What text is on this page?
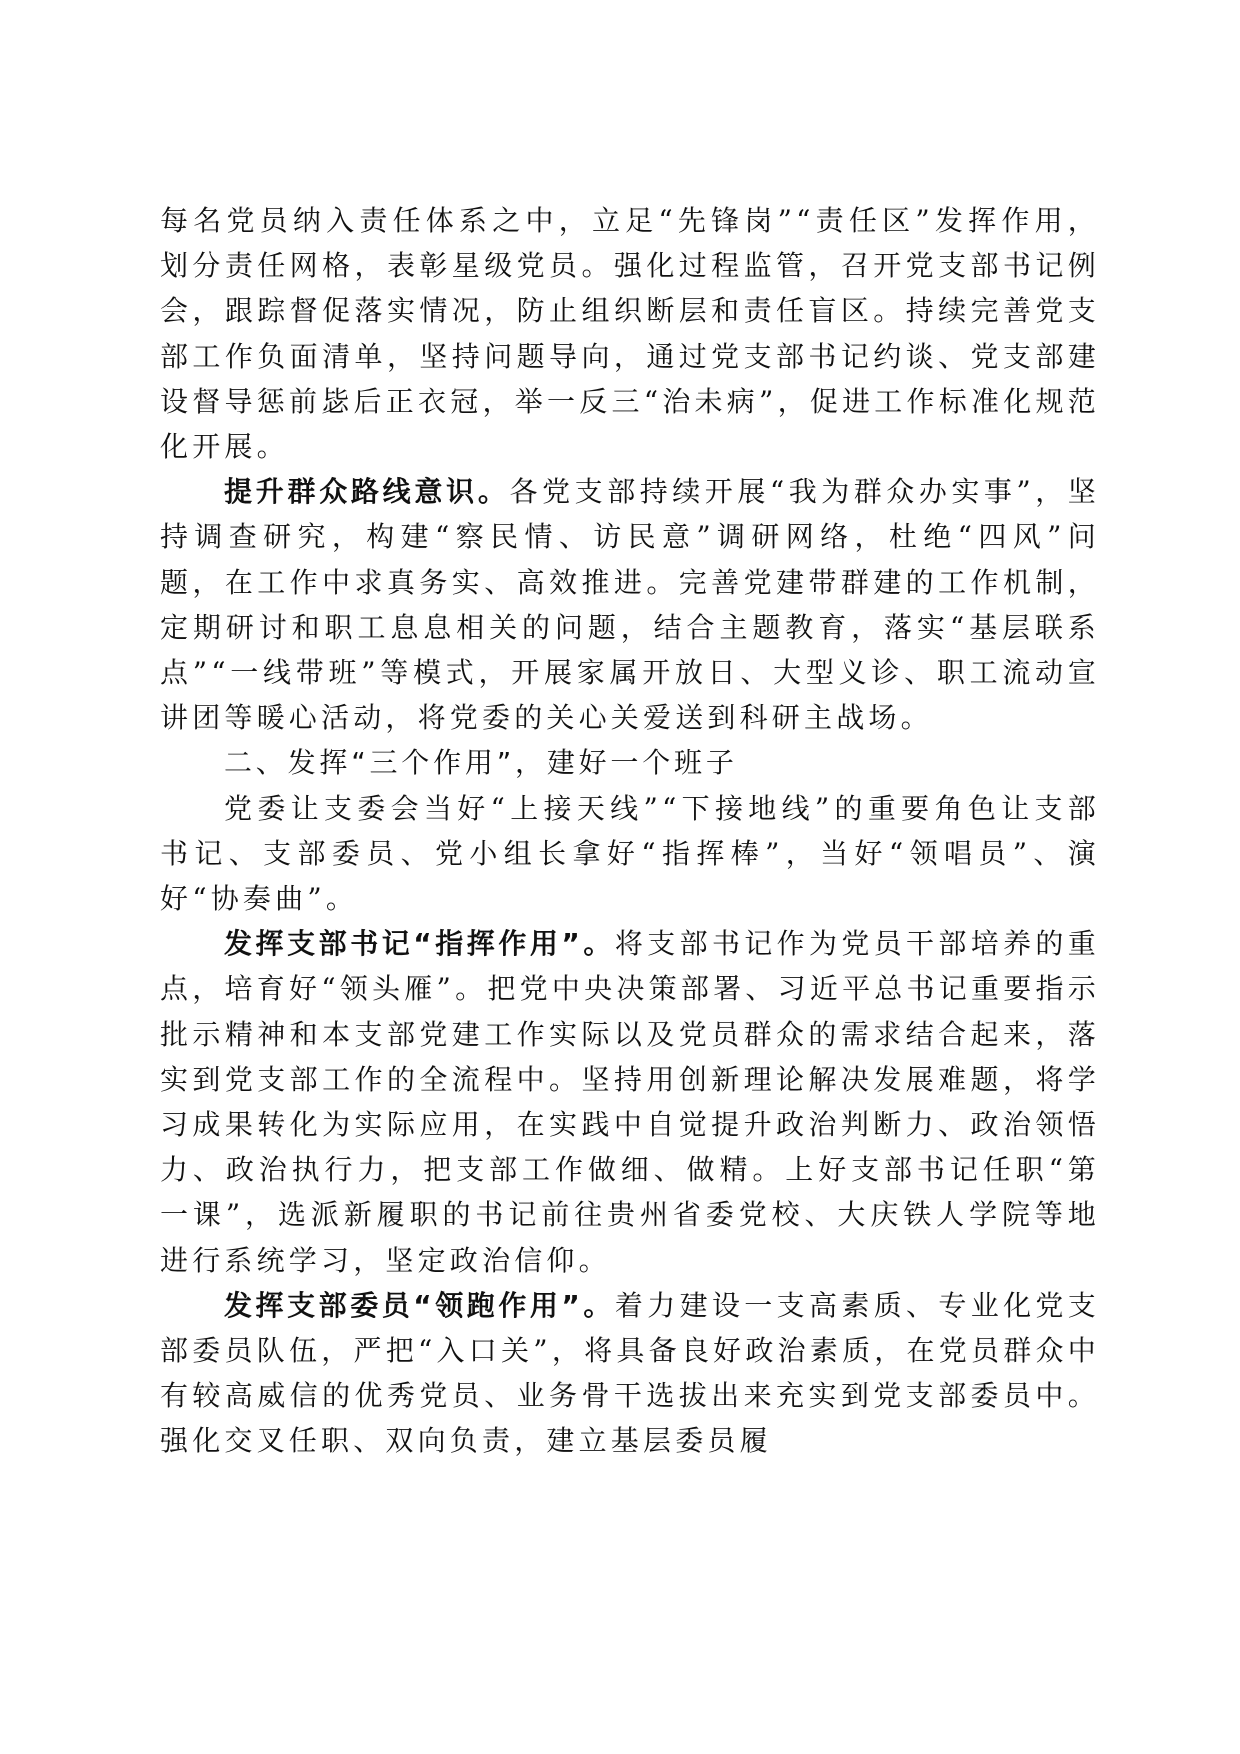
每名党员纳入责任体系之中，立足“先锋岗”“责任区”发挥作用，划分责任网格，表彰星级党员。强化过程监管，召开党支部书记例会，跟踪督促落实情况，防止组织断层和责任盲区。持续完善党支部工作负面清单，坚持问题导向，通过党支部书记约谈、党支部建设督导惩前毖后正衣冠，举一反三“治未病”，促进工作标准化规范化开展。

提升群众路线意识。各党支部持续开展“我为群众办实事”，坚持调查研究，构建“察民情、访民意”调研网络，杜绝“四风”问题，在工作中求真务实、高效推进。完善党建带群建的工作机制，定期研讨和职工息息相关的问题，结合主题教育，落实“基层联系点”“一线带班”等模式，开展家属开放日、大型义诊、职工流动宣讲团等暖心活动，将党委的关心关爱送到科研主战场。

二、发挥“三个作用”，建好一个班子

党委让支委会当好“上接天线”“下接地线”的重要角色让支部书记、支部委员、党小组长拿好“指挥棒”，当好“领唱员”、演好“协奏曲”。

发挥支部书记“指挥作用”。将支部书记作为党员干部培养的重点，培育好“领头雁”。把党中央决策部署、习近平总书记重要指示批示精神和本支部党建工作实际以及党员群众的需求结合起来，落实到党支部工作的全流程中。坚持用创新理论解决发展难题，将学习成果转化为实际应用，在实践中自觉提升政治判断力、政治领悟力、政治执行力，把支部工作做细、做精。上好支部书记任职“第一课”，选派新履职的书记前往贵州省委党校、大庆铁人学院等地进行系统学习，坚定政治信仰。

发挥支部委员“领跑作用”。着力建设一支高素质、专业化党支部委员队伍，严把“入口关”，将具备良好政治素质，在党员群众中有较高威信的优秀党员、业务骨干选拔出来充实到党支部委员中。强化交叉任职、双向负责，建立基层委员履
